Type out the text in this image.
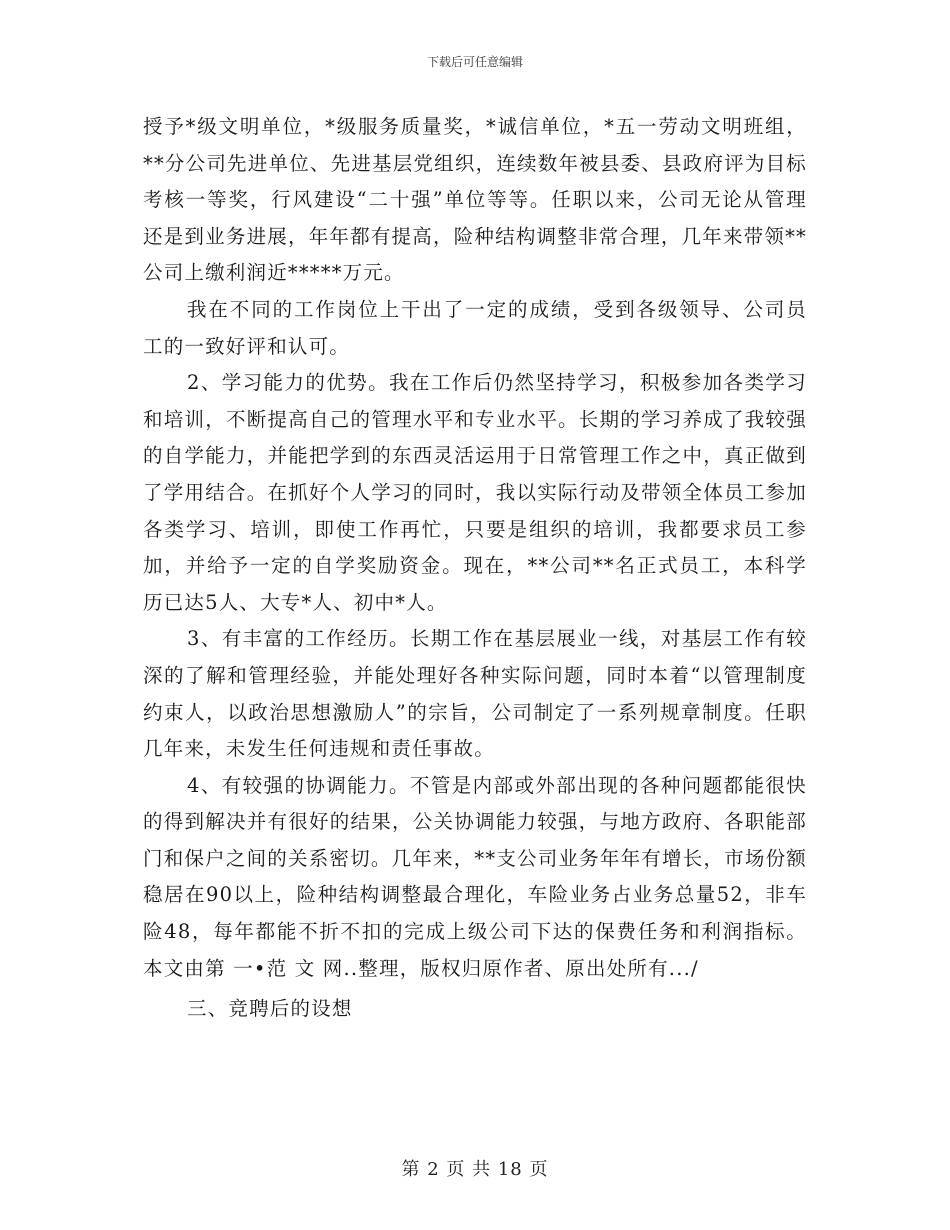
下载后可任意编辑

授予*级文明单位，*级服务质量奖，*诚信单位，*五一劳动文明班组，**分公司先进单位、先进基层党组织，连续数年被县委、县政府评为目标考核一等奖，行风建设“二十强”单位等等。任职以来，公司无论从管理还是到业务进展，年年都有提高，险种结构调整非常合理，几年来带领**公司上缴利润近*****万元。

我在不同的工作岗位上干出了一定的成绩，受到各级领导、公司员工的一致好评和认可。

2、学习能力的优势。我在工作后仍然坚持学习，积极参加各类学习和培训，不断提高自己的管理水平和专业水平。长期的学习养成了我较强的自学能力，并能把学到的东西灵活运用于日常管理工作之中，真正做到了学用结合。在抓好个人学习的同时，我以实际行动及带领全体员工参加各类学习、培训，即使工作再忙，只要是组织的培训，我都要求员工参加，并给予一定的自学奖励资金。现在，**公司**名正式员工，本科学历已达5人、大专*人、初中*人。

3、有丰富的工作经历。长期工作在基层展业一线，对基层工作有较深的了解和管理经验，并能处理好各种实际问题，同时本着“以管理制度约束人，以政治思想激励人”的宗旨，公司制定了一系列规章制度。任职几年来，未发生任何违规和责任事故。

4、有较强的协调能力。不管是内部或外部出现的各种问题都能很快的得到解决并有很好的结果，公关协调能力较强，与地方政府、各职能部门和保户之间的关系密切。几年来，**支公司业务年年有增长，市场份额稳居在90以上，险种结构调整最合理化，车险业务占业务总量52，非车险48，每年都能不折不扣的完成上级公司下达的保费任务和利润指标。本文由第 一•范 文 网..整理，版权归原作者、原出处所有.../

三、竞聘后的设想

第 2 页 共 18 页
